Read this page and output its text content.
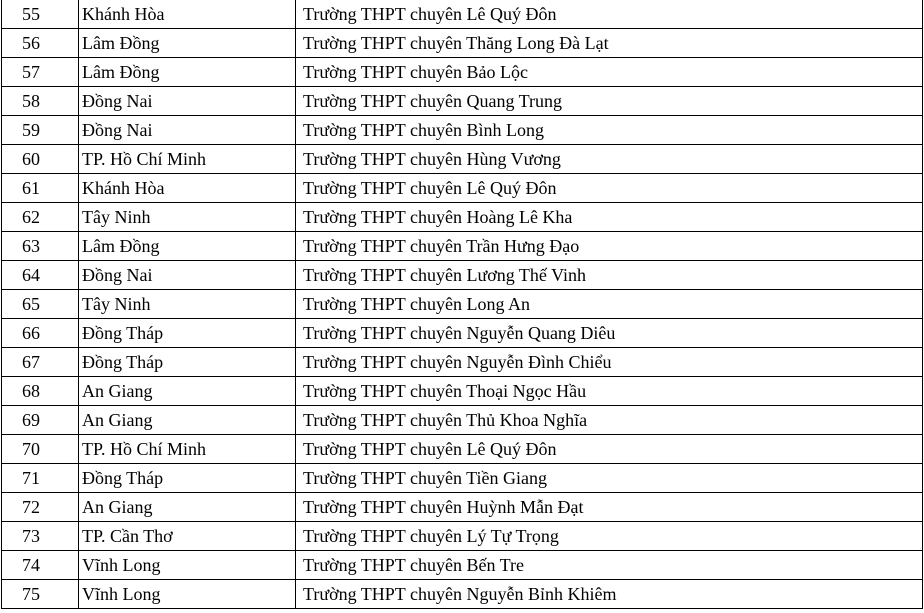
55	Khánh Hòa	Trường THPT chuyên Lê Quý Đôn
56	Lâm Đồng	Trường THPT chuyên Thăng Long Đà Lạt
57	Lâm Đồng	Trường THPT chuyên Bảo Lộc
58	Đồng Nai	Trường THPT chuyên Quang Trung
59	Đồng Nai	Trường THPT chuyên Bình Long
60	TP. Hồ Chí Minh	Trường THPT chuyên Hùng Vương
61	Khánh Hòa	Trường THPT chuyên Lê Quý Đôn
62	Tây Ninh	Trường THPT chuyên Hoàng Lê Kha
63	Lâm Đồng	Trường THPT chuyên Trần Hưng Đạo
64	Đồng Nai	Trường THPT chuyên Lương Thế Vinh
65	Tây Ninh	Trường THPT chuyên Long An
66	Đồng Tháp	Trường THPT chuyên Nguyễn Quang Diêu
67	Đồng Tháp	Trường THPT chuyên Nguyễn Đình Chiểu
68	An Giang	Trường THPT chuyên Thoại Ngọc Hầu
69	An Giang	Trường THPT chuyên Thủ Khoa Nghĩa
70	TP. Hồ Chí Minh	Trường THPT chuyên Lê Quý Đôn
71	Đồng Tháp	Trường THPT chuyên Tiền Giang
72	An Giang	Trường THPT chuyên Huỳnh Mẫn Đạt
73	TP. Cần Thơ	Trường THPT chuyên Lý Tự Trọng
74	Vĩnh Long	Trường THPT chuyên Bến Tre
75	Vĩnh Long	Trường THPT chuyên Nguyễn Bỉnh Khiêm
